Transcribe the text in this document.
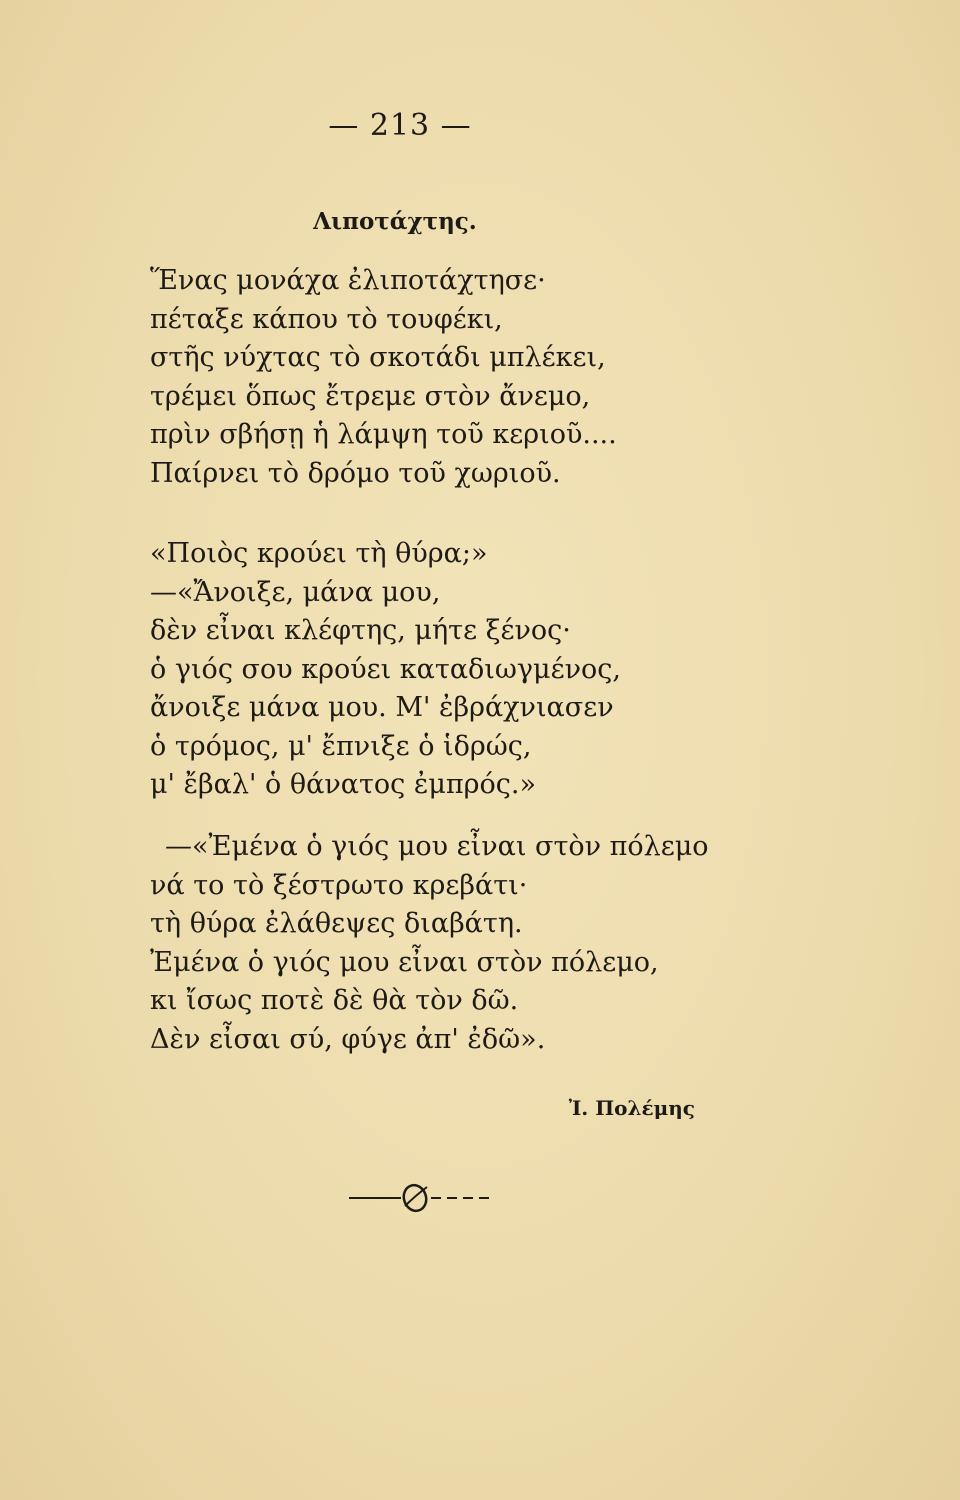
— 213 —
Λιποτάχτης.
Ἕνας μονάχα ἐλιποτάχτησε·
πέταξε κάπου τὸ τουφέκι,
στῆς νύχτας τὸ σκοτάδι μπλέκει,
τρέμει ὅπως ἔτρεμε στὸν ἄνεμο,
πρὶν σβήσῃ ἡ λάμψη τοῦ κεριοῦ....
Παίρνει τὸ δρόμο τοῦ χωριοῦ.
«Ποιὸς κρούει τὴ θύρα;»
—«Ἄνοιξε, μάνα μου,
δὲν εἶναι κλέφτης, μήτε ξένος·
ὁ γιός σου κρούει καταδιωγμένος,
ἄνοιξε μάνα μου. Μ' ἐβράχνιασεν
ὁ τρόμος, μ' ἔπνιξε ὁ ἱδρώς,
μ' ἔβαλ' ὁ θάνατος ἐμπρός.»
—«Ἐμένα ὁ γιός μου εἶναι στὸν πόλεμο
νά το τὸ ξέστρωτο κρεβάτι·
τὴ θύρα ἐλάθεψες διαβάτη.
Ἐμένα ὁ γιός μου εἶναι στὸν πόλεμο,
κι ἴσως ποτὲ δὲ θὰ τὸν δῶ.
Δὲν εἶσαι σύ, φύγε ἀπ' ἐδῶ».
Ἰ. Πολέμης
